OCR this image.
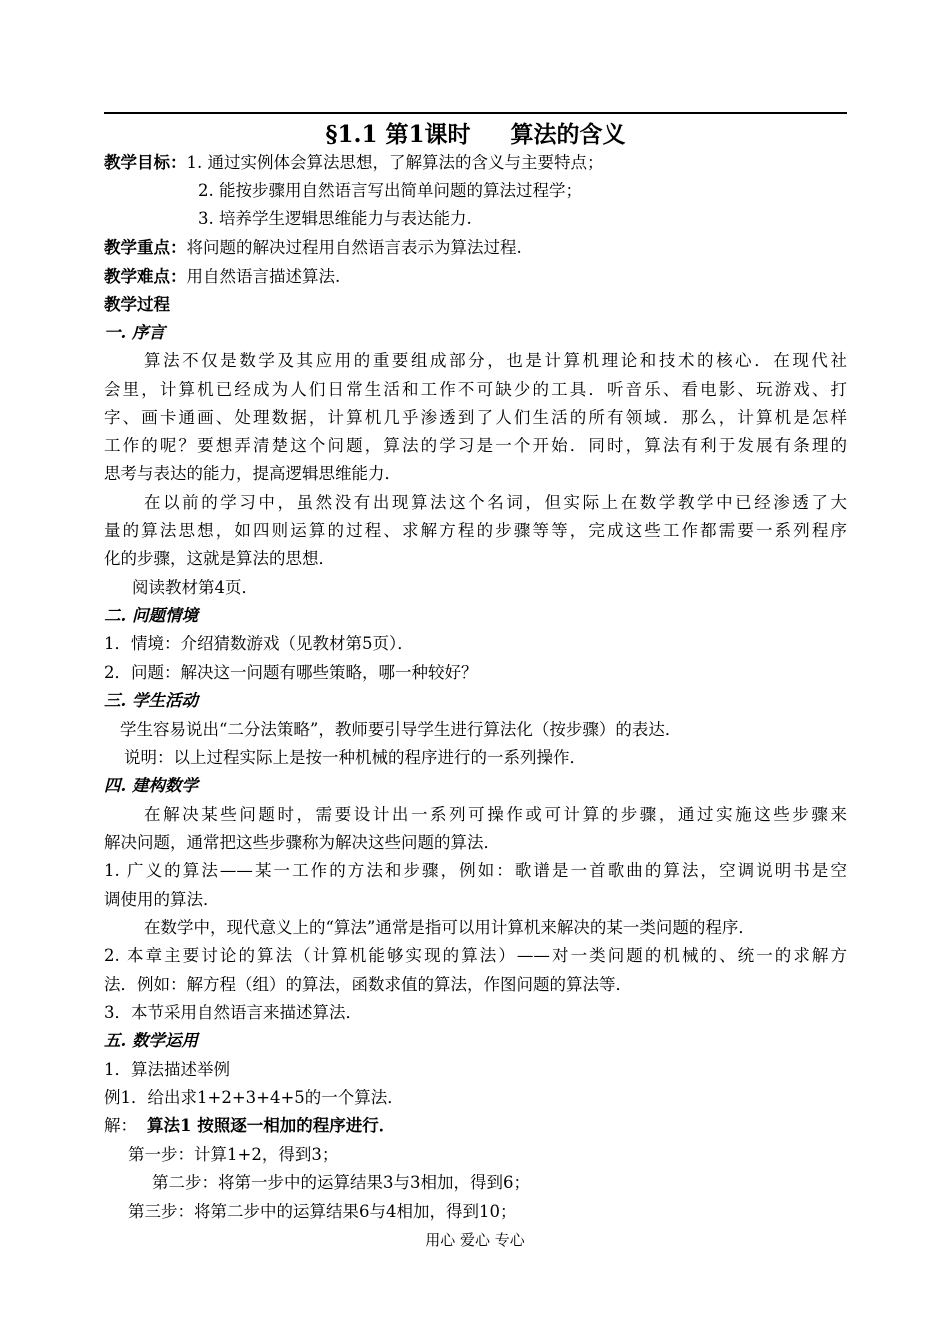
§1.1 第1课时     算法的含义
教学目标：1. 通过实例体会算法思想，了解算法的含义与主要特点；
2. 能按步骤用自然语言写出简单问题的算法过程学；
3. 培养学生逻辑思维能力与表达能力.
教学重点：将问题的解决过程用自然语言表示为算法过程.
教学难点：用自然语言描述算法.
教学过程
一. 序言
算法不仅是数学及其应用的重要组成部分，也是计算机理论和技术的核心．在现代社
会里，计算机已经成为人们日常生活和工作不可缺少的工具．听音乐、看电影、玩游戏、打
字、画卡通画、处理数据，计算机几乎渗透到了人们生活的所有领域．那么，计算机是怎样
工作的呢？要想弄清楚这个问题，算法的学习是一个开始．同时，算法有利于发展有条理的
思考与表达的能力，提高逻辑思维能力．
在以前的学习中，虽然没有出现算法这个名词，但实际上在数学教学中已经渗透了大
量的算法思想，如四则运算的过程、求解方程的步骤等等，完成这些工作都需要一系列程序
化的步骤，这就是算法的思想．
阅读教材第4页．
二. 问题情境
1．情境：介绍猜数游戏（见教材第5页）．
2．问题：解决这一问题有哪些策略，哪一种较好？
三. 学生活动
学生容易说出“二分法策略”，教师要引导学生进行算法化（按步骤）的表达．
说明：以上过程实际上是按一种机械的程序进行的一系列操作．
四. 建构数学
在解决某些问题时，需要设计出一系列可操作或可计算的步骤，通过实施这些步骤来
解决问题，通常把这些步骤称为解决这些问题的算法．
1. 广义的算法——某一工作的方法和步骤，例如：歌谱是一首歌曲的算法，空调说明书是空
调使用的算法．
在数学中，现代意义上的“算法”通常是指可以用计算机来解决的某一类问题的程序．
2. 本章主要讨论的算法（计算机能够实现的算法）——对一类问题的机械的、统一的求解方
法．例如：解方程（组）的算法，函数求值的算法，作图问题的算法等．
3．本节采用自然语言来描述算法．
五. 数学运用
1．算法描述举例
例1．给出求1+2+3+4+5的一个算法．
解： 算法1 按照逐一相加的程序进行．
第一步：计算1+2，得到3；
第二步：将第一步中的运算结果3与3相加，得到6；
第三步：将第二步中的运算结果6与4相加，得到10；
用心 爱心 专心
